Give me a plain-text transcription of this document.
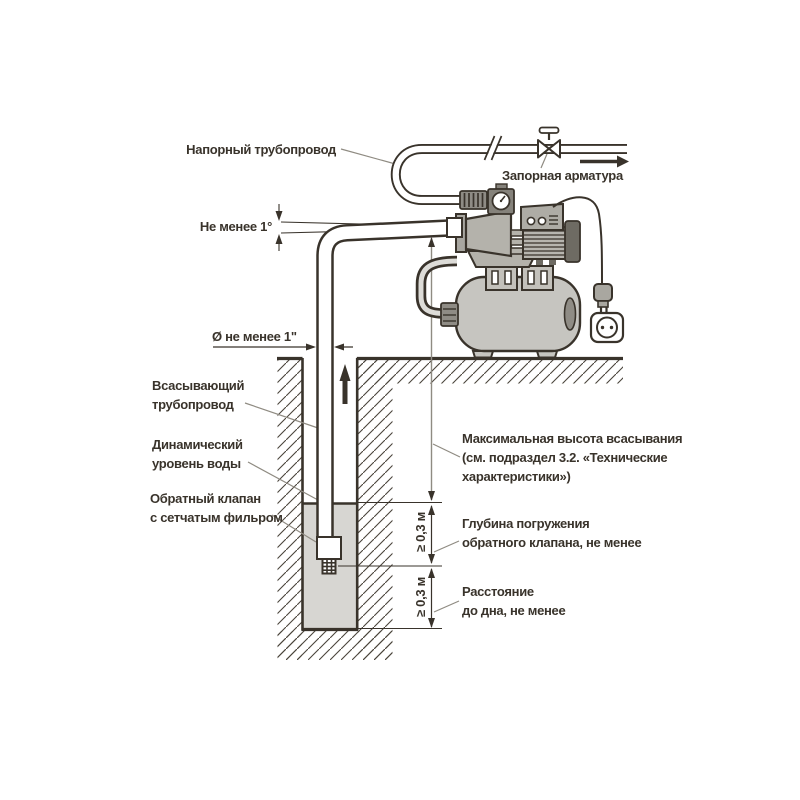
Напорный трубопровод
Запорная арматура
Не менее 1°
Ø не менее 1"
Всасывающий
трубопровод
Динамический
уровень воды
Обратный клапан
с сетчатым фильром
Максимальная высота всасывания
(см. подраздел 3.2. «Технические
характеристики»)
Глубина погружения
обратного клапана, не менее
Расстояние
до дна, не менее
≥ 0,3 м
≥ 0,3 м
